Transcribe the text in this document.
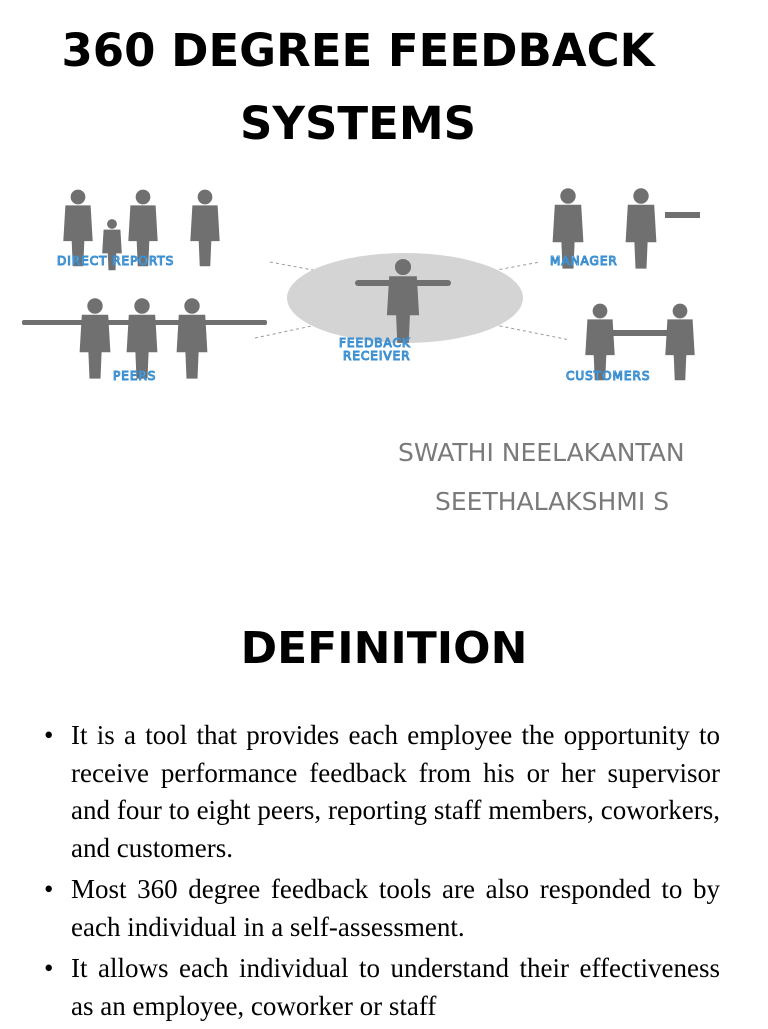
360 DEGREE FEEDBACK
SYSTEMS
DIRECT REPORTS	MANAGER
PEERS	CUSTOMERS
FEEDBACK
RECEIVER
SWATHI NEELAKANTAN
SEETHALAKSHMI S
DEFINITION
• It is a tool that provides each employee the opportunity to receive performance feedback from his or her supervisor and four to eight peers, reporting staff members, coworkers, and customers.
• Most 360 degree feedback tools are also responded to by each individual in a self-assessment.
• It allows each individual to understand their effectiveness as an employee, coworker or staff
